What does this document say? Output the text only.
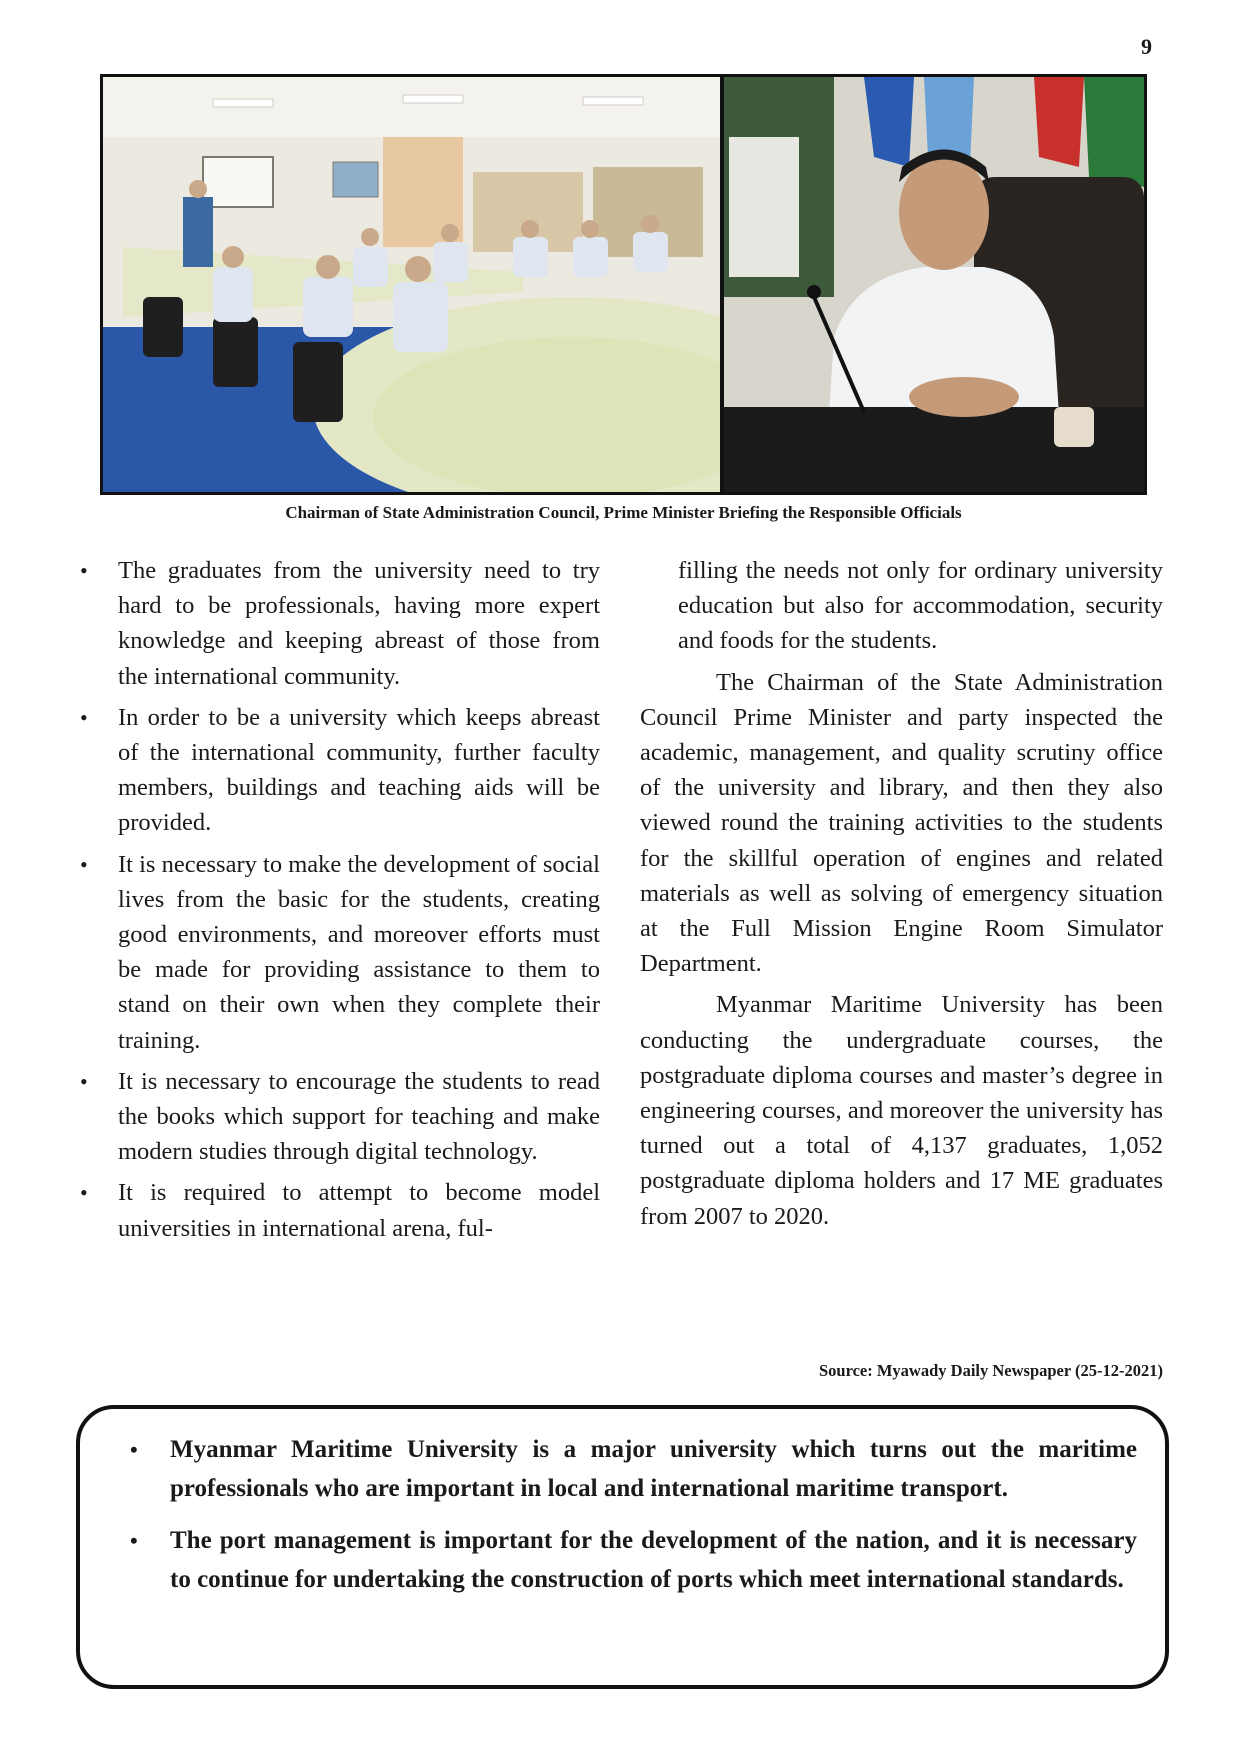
9
Chairman of State Administration Council, Prime Minister Briefing the Responsible Officials
• The graduates from the university need to try hard to be professionals, having more expert knowledge and keeping abreast of those from the international community.
• In order to be a university which keeps abreast of the international community, further faculty members, buildings and teaching aids will be provided.
• It is necessary to make the development of social lives from the basic for the students, creating good environments, and moreover efforts must be made for providing assistance to them to stand on their own when they complete their training.
• It is necessary to encourage the students to read the books which support for teaching and make modern studies through digital technology.
• It is required to attempt to become model universities in international arena, ful-

filling the needs not only for ordinary university education but also for accommodation, security and foods for the students.

The Chairman of the State Administration Council Prime Minister and party inspected the academic, management, and quality scrutiny office of the university and library, and then they also viewed round the training activities to the students for the skillful operation of engines and related materials as well as solving of emergency situation at the Full Mission Engine Room Simulator Department.

Myanmar Maritime University has been conducting the undergraduate courses, the postgraduate diploma courses and master’s degree in engineering courses, and moreover the university has turned out a total of 4,137 graduates, 1,052 postgraduate diploma holders and 17 ME graduates from 2007 to 2020.

Source: Myawady Daily Newspaper (25-12-2021)
• Myanmar Maritime University is a major university which turns out the maritime professionals who are important in local and international maritime transport.
• The port management is important for the development of the nation, and it is necessary to continue for undertaking the construction of ports which meet international standards.
